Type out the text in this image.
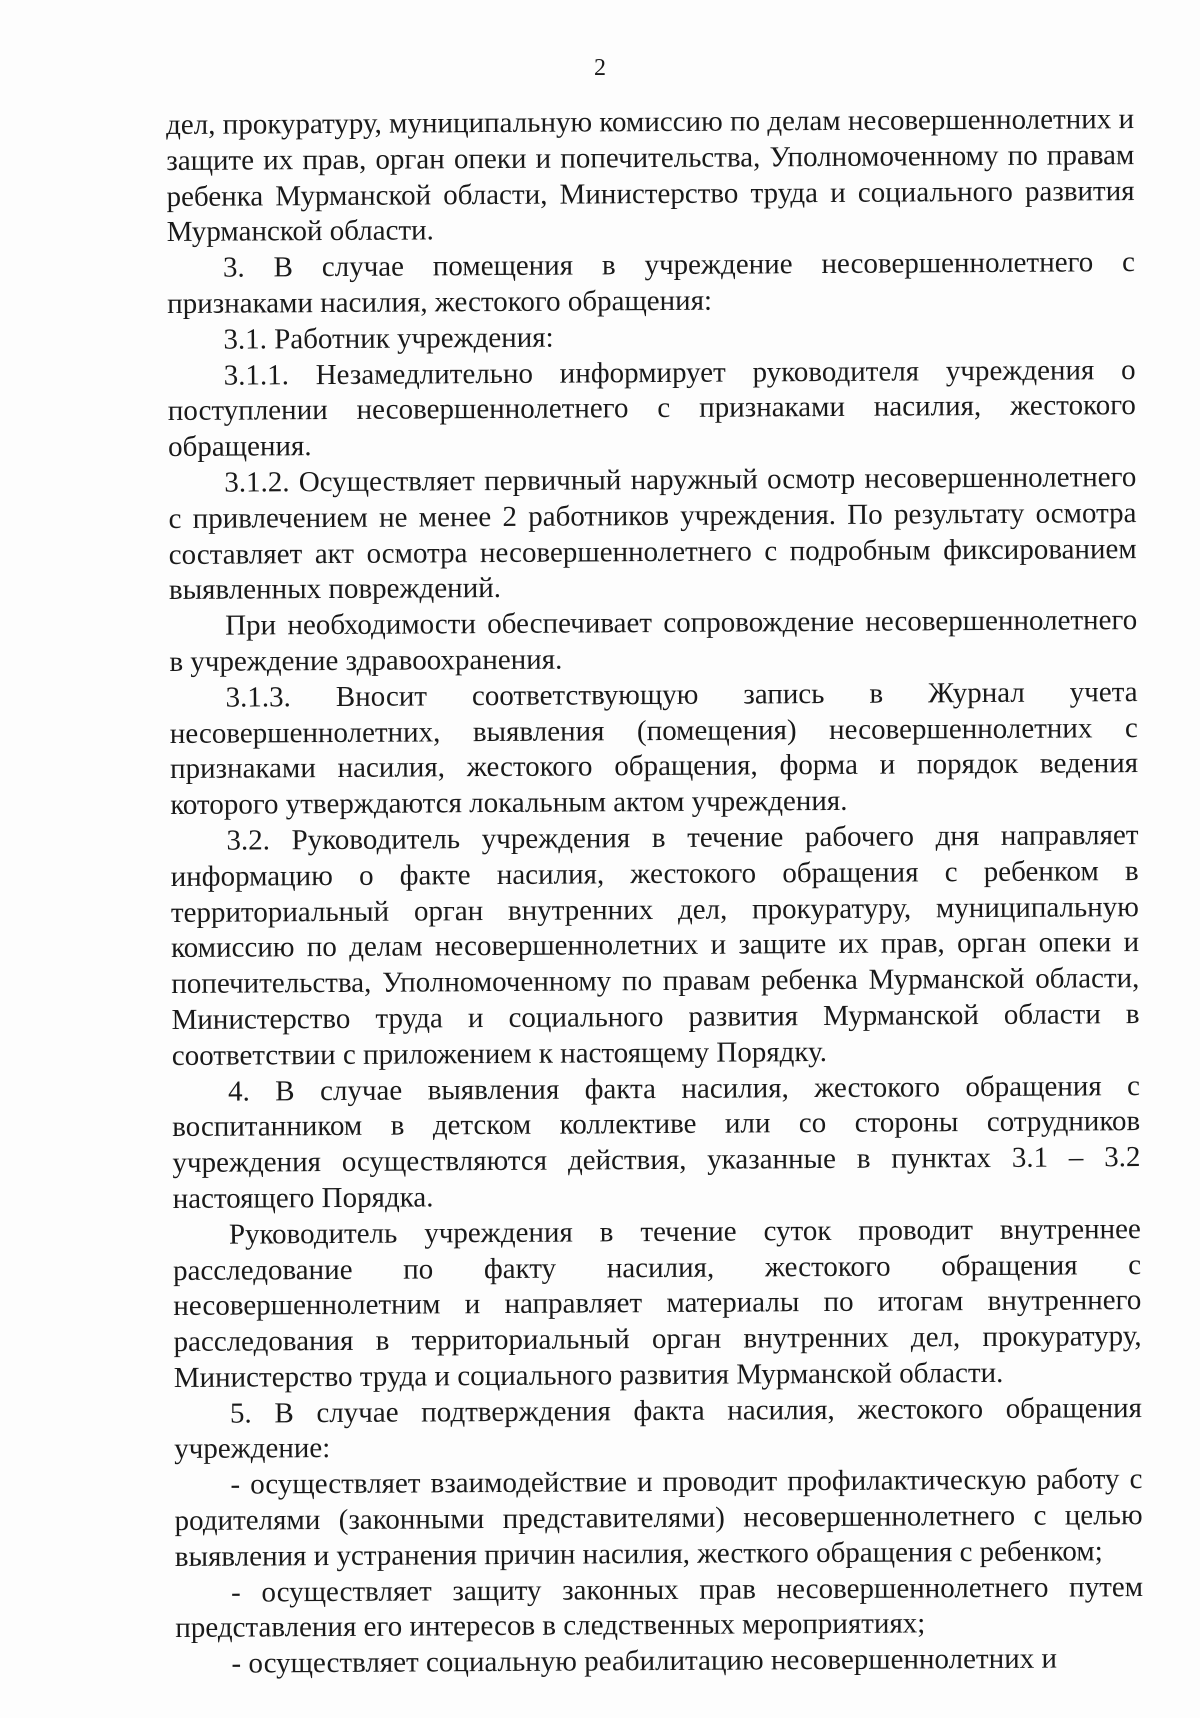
2

дел, прокуратуру, муниципальную комиссию по делам несовершеннолетних и защите их прав, орган опеки и попечительства, Уполномоченному по правам ребенка Мурманской области, Министерство труда и социального развития Мурманской области.

3. В случае помещения в учреждение несовершеннолетнего с признаками насилия, жестокого обращения:

3.1. Работник учреждения:

3.1.1. Незамедлительно информирует руководителя учреждения о поступлении несовершеннолетнего с признаками насилия, жестокого обращения.

3.1.2. Осуществляет первичный наружный осмотр несовершеннолетнего с привлечением не менее 2 работников учреждения. По результату осмотра составляет акт осмотра несовершеннолетнего с подробным фиксированием выявленных повреждений.

При необходимости обеспечивает сопровождение несовершеннолетнего в учреждение здравоохранения.

3.1.3. Вносит соответствующую запись в Журнал учета несовершеннолетних, выявления (помещения) несовершеннолетних с признаками насилия, жестокого обращения, форма и порядок ведения которого утверждаются локальным актом учреждения.

3.2. Руководитель учреждения в течение рабочего дня направляет информацию о факте насилия, жестокого обращения с ребенком в территориальный орган внутренних дел, прокуратуру, муниципальную комиссию по делам несовершеннолетних и защите их прав, орган опеки и попечительства, Уполномоченному по правам ребенка Мурманской области, Министерство труда и социального развития Мурманской области в соответствии с приложением к настоящему Порядку.

4. В случае выявления факта насилия, жестокого обращения с воспитанником в детском коллективе или со стороны сотрудников учреждения осуществляются действия, указанные в пунктах 3.1 – 3.2 настоящего Порядка.

Руководитель учреждения в течение суток проводит внутреннее расследование по факту насилия, жестокого обращения с несовершеннолетним и направляет материалы по итогам внутреннего расследования в территориальный орган внутренних дел, прокуратуру, Министерство труда и социального развития Мурманской области.

5. В случае подтверждения факта насилия, жестокого обращения учреждение:

- осуществляет взаимодействие и проводит профилактическую работу с родителями (законными представителями) несовершеннолетнего с целью выявления и устранения причин насилия, жесткого обращения с ребенком;

- осуществляет защиту законных прав несовершеннолетнего путем представления его интересов в следственных мероприятиях;

- осуществляет социальную реабилитацию несовершеннолетних и
